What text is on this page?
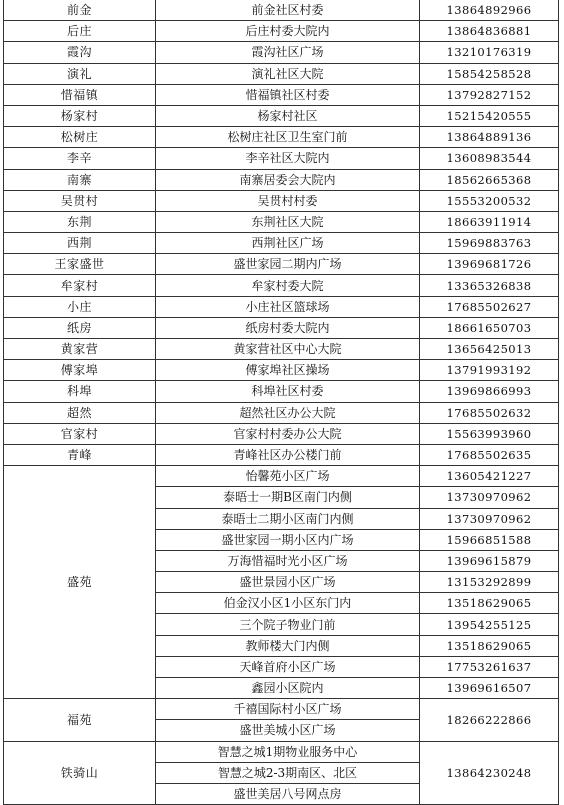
前金	前金社区村委	13864892966
后庄	后庄村委大院内	13864836881
霞沟	霞沟社区广场	13210176319
演礼	演礼社区大院	15854258528
惜福镇	惜福镇社区村委	13792827152
杨家村	杨家村社区	15215420555
松树庄	松树庄社区卫生室门前	13864889136
李辛	李辛社区大院内	13608983544
南寨	南寨居委会大院内	18562665368
吴贯村	吴贯村村委	15553200532
东荆	东荆社区大院	18663911914
西荆	西荆社区广场	15969883763
王家盛世	盛世家园二期内广场	13969681726
牟家村	牟家村委大院	13365326838
小庄	小庄社区篮球场	17685502627
纸房	纸房村委大院内	18661650703
黄家营	黄家营社区中心大院	13656425013
傅家埠	傅家埠社区操场	13791993192
科埠	科埠社区村委	13969866993
超然	超然社区办公大院	17685502632
官家村	官家村村委办公大院	15563993960
青峰	青峰社区办公楼门前	17685502635
盛苑	怡馨苑小区广场	13605421227
	泰晤士一期B区南门内侧	13730970962
	泰晤士二期小区南门内侧	13730970962
	盛世家园一期小区内广场	15966851588
	万海惜福时光小区广场	13969615879
	盛世景园小区广场	13153292899
	伯金汉小区1小区东门内	13518629065
	三个院子物业门前	13954255125
	教师楼大门内侧	13518629065
	天峰首府小区广场	17753261637
	鑫园小区院内	13969616507
福苑	千禧国际村小区广场	18266222866
	盛世美城小区广场	
铁骑山	智慧之城1期物业服务中心	13864230248
	智慧之城2-3期南区、北区	
	盛世美居八号网点房	
